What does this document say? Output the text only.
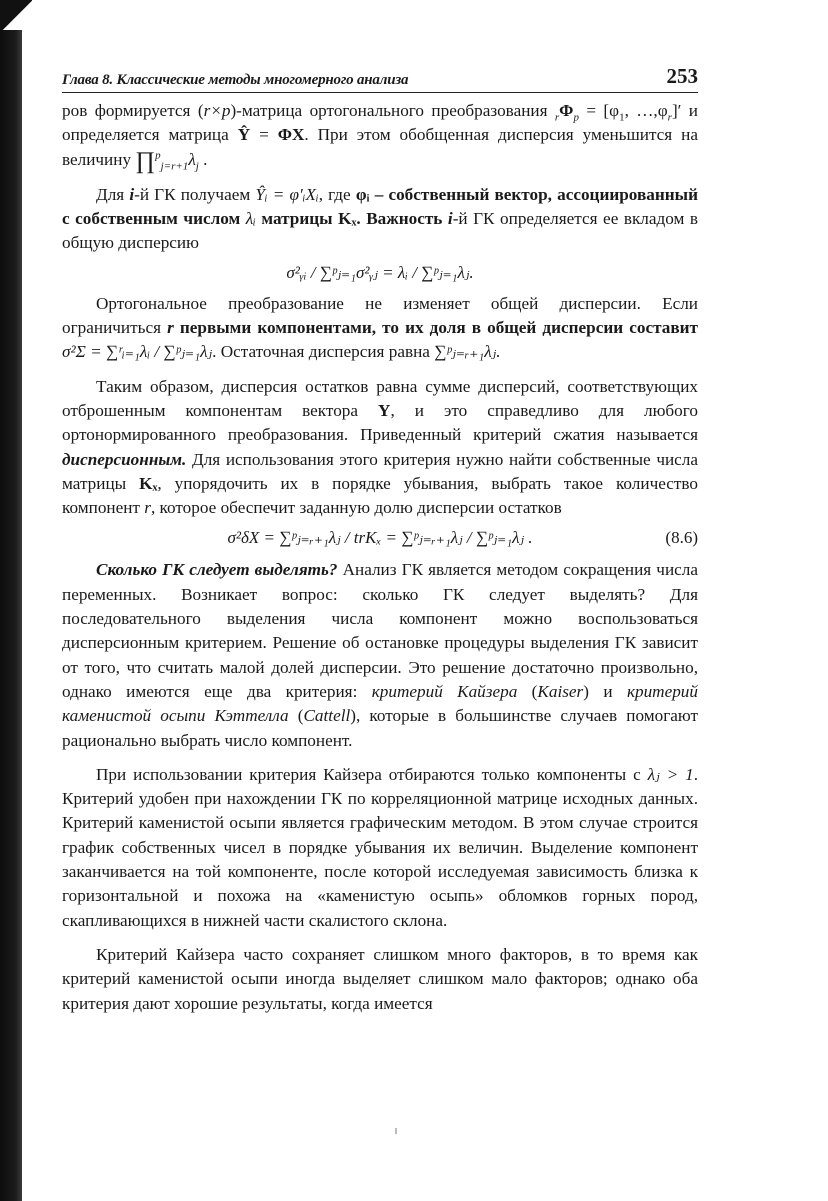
Глава 8. Классические методы многомерного анализа	253

ров формируется (r×p)-матрица ортогонального преобразования $_r\Phi_p = [\varphi_1$, $\dots,\varphi_r]'$ и определяется матрица Ŷ = ΦX. При этом обобщенная дисперсия уменьшится на величину $\prod^p_{j=r+1}\lambda_j$ .

Для i-й ГК получаем Ŷᵢ = φ′ᵢXᵢ, где φᵢ – собственный вектор, ассоциированный с собственным числом λᵢ матрицы Kₓ. Важность i-й ГК определяется ее вкладом в общую дисперсию

σ²ᵧᵢ / ∑ᵖⱼ₌₁σ²ᵧⱼ = λᵢ / ∑ᵖⱼ₌₁λⱼ.

Ортогональное преобразование не изменяет общей дисперсии. Если ограничиться r первыми компонентами, то их доля в общей дисперсии составит σ²Σ = ∑ʳᵢ₌₁λᵢ / ∑ᵖⱼ₌₁λⱼ. Остаточная дисперсия равна ∑ᵖⱼ₌ᵣ₊₁λⱼ.

Таким образом, дисперсия остатков равна сумме дисперсий, соответствующих отброшенным компонентам вектора Y, и это справедливо для любого ортонормированного преобразования. Приведенный критерий сжатия называется дисперсионным. Для использования этого критерия нужно найти собственные числа матрицы Kₓ, упорядочить их в порядке убывания, выбрать такое количество компонент r, которое обеспечит заданную долю дисперсии остатков

σ²δX = ∑ᵖⱼ₌ᵣ₊₁λⱼ / trKₓ = ∑ᵖⱼ₌ᵣ₊₁λⱼ / ∑ᵖⱼ₌₁λⱼ .	(8.6)

Сколько ГК следует выделять? Анализ ГК является методом сокращения числа переменных. Возникает вопрос: сколько ГК следует выделять? Для последовательного выделения числа компонент можно воспользоваться дисперсионным критерием. Решение об остановке процедуры выделения ГК зависит от того, что считать малой долей дисперсии. Это решение достаточно произвольно, однако имеются еще два критерия: критерий Кайзера (Kaiser) и критерий каменистой осыпи Кэттелла (Cattell), которые в большинстве случаев помогают рационально выбрать число компонент.

При использовании критерия Кайзера отбираются только компоненты с λⱼ > 1. Критерий удобен при нахождении ГК по корреляционной матрице исходных данных. Критерий каменистой осыпи является графическим методом. В этом случае строится график собственных чисел в порядке убывания их величин. Выделение компонент заканчивается на той компоненте, после которой исследуемая зависимость близка к горизонтальной и похожа на «каменистую осыпь» обломков горных пород, скапливающихся в нижней части скалистого склона.

Критерий Кайзера часто сохраняет слишком много факторов, в то время как критерий каменистой осыпи иногда выделяет слишком мало факторов; однако оба критерия дают хорошие результаты, когда имеется
